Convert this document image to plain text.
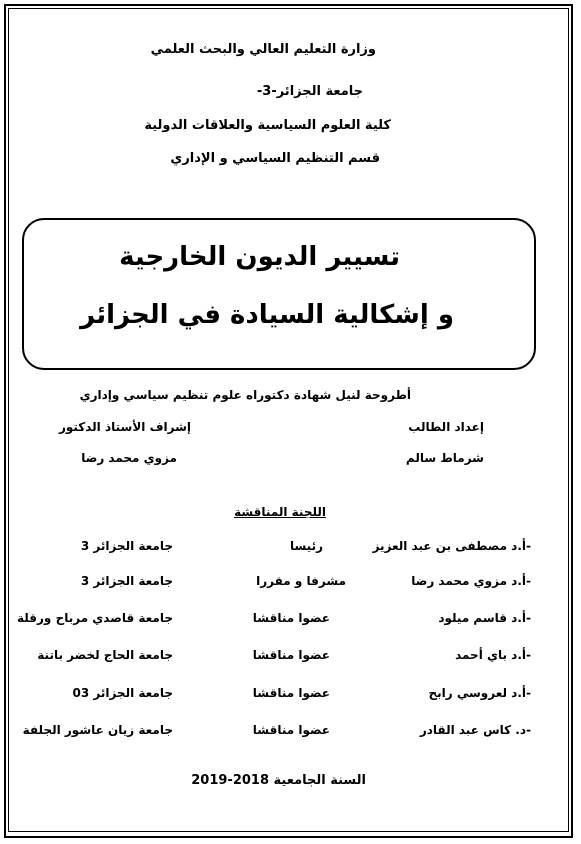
وزارة التعليم العالي والبحث العلمي
جامعة الجزائر-3-
كلية العلوم السياسية والعلاقات الدولية
قسم التنظيم السياسي و الإداري
تسيير الديون الخارجية
و إشكالية السيادة في الجزائر
أطروحة لنيل شهادة دكتوراه علوم تنظيم سياسي وإداري
إعداد الطالب
إشراف الأستاذ الدكتور
شرماط سالم
مزوي محمد رضا
اللجنة المناقشة
-أ.د مصطفى بن عبد العزيز
رئيسا
جامعة الجزائر 3
-أ.د مزوي محمد رضا
مشرفا و مقررا
جامعة الجزائر 3
-أ.د قاسم ميلود
عضوا مناقشا
جامعة قاصدي مرباح ورقلة
-أ.د باي أحمد
عضوا مناقشا
جامعة الحاج لخضر باتنة
-أ.د لعروسي رابح
عضوا مناقشا
جامعة الجزائر 03
-د. كاس عبد القادر
عضوا مناقشا
جامعة زيان عاشور الجلفة
السنة الجامعية 2018-2019
